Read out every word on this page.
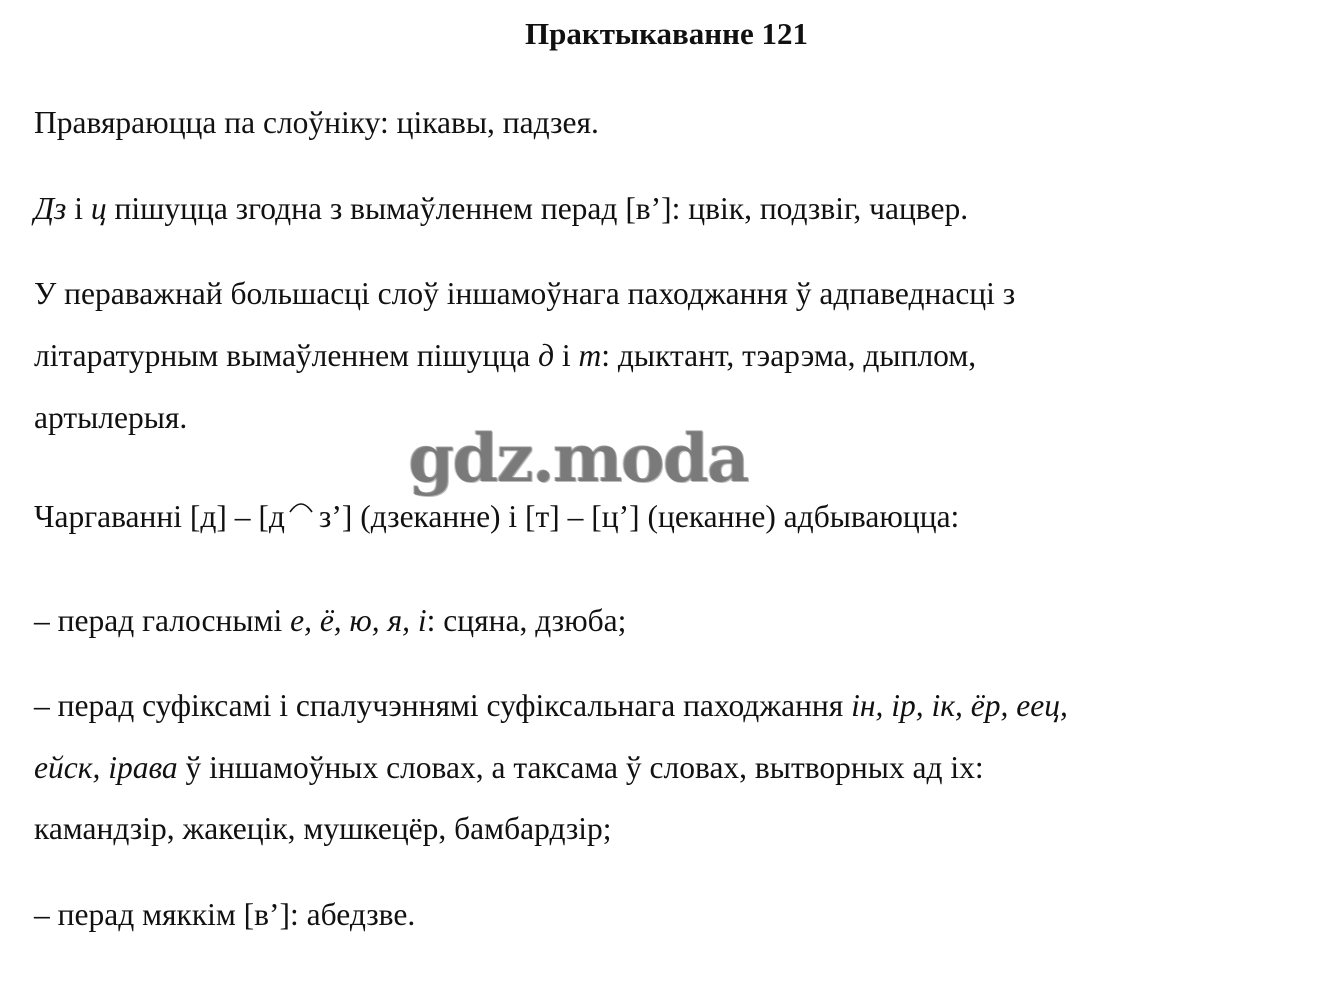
Практыкаванне 121

Правяраюцца па слоўніку: цікавы, падзея.

Дз і ц пішуцца згодна з вымаўленнем перад [в’]: цвік, подзвіг, чацвер.

У пераважнай большасці слоў іншамоўнага паходжання ў адпаведнасці з

літаратурным вымаўленнем пішуцца д і т: дыктант, тэарэма, дыплом,

артылерыя.

Чаргаванні [д] – [д з’] (дзеканне) і [т] – [ц’] (цеканне) адбываюцца:

– перад галоснымі е, ё, ю, я, і: сцяна, дзюба;

– перад суфіксамі і спалучэннямі суфіксальнага паходжання ін, ір, ік, ёр, еец,

ейск, ірава ў іншамоўных словах, а таксама ў словах, вытворных ад іх:

камандзір, жакецік, мушкецёр, бамбардзір;

– перад мяккім [в’]: абедзве.

gdz.moda
